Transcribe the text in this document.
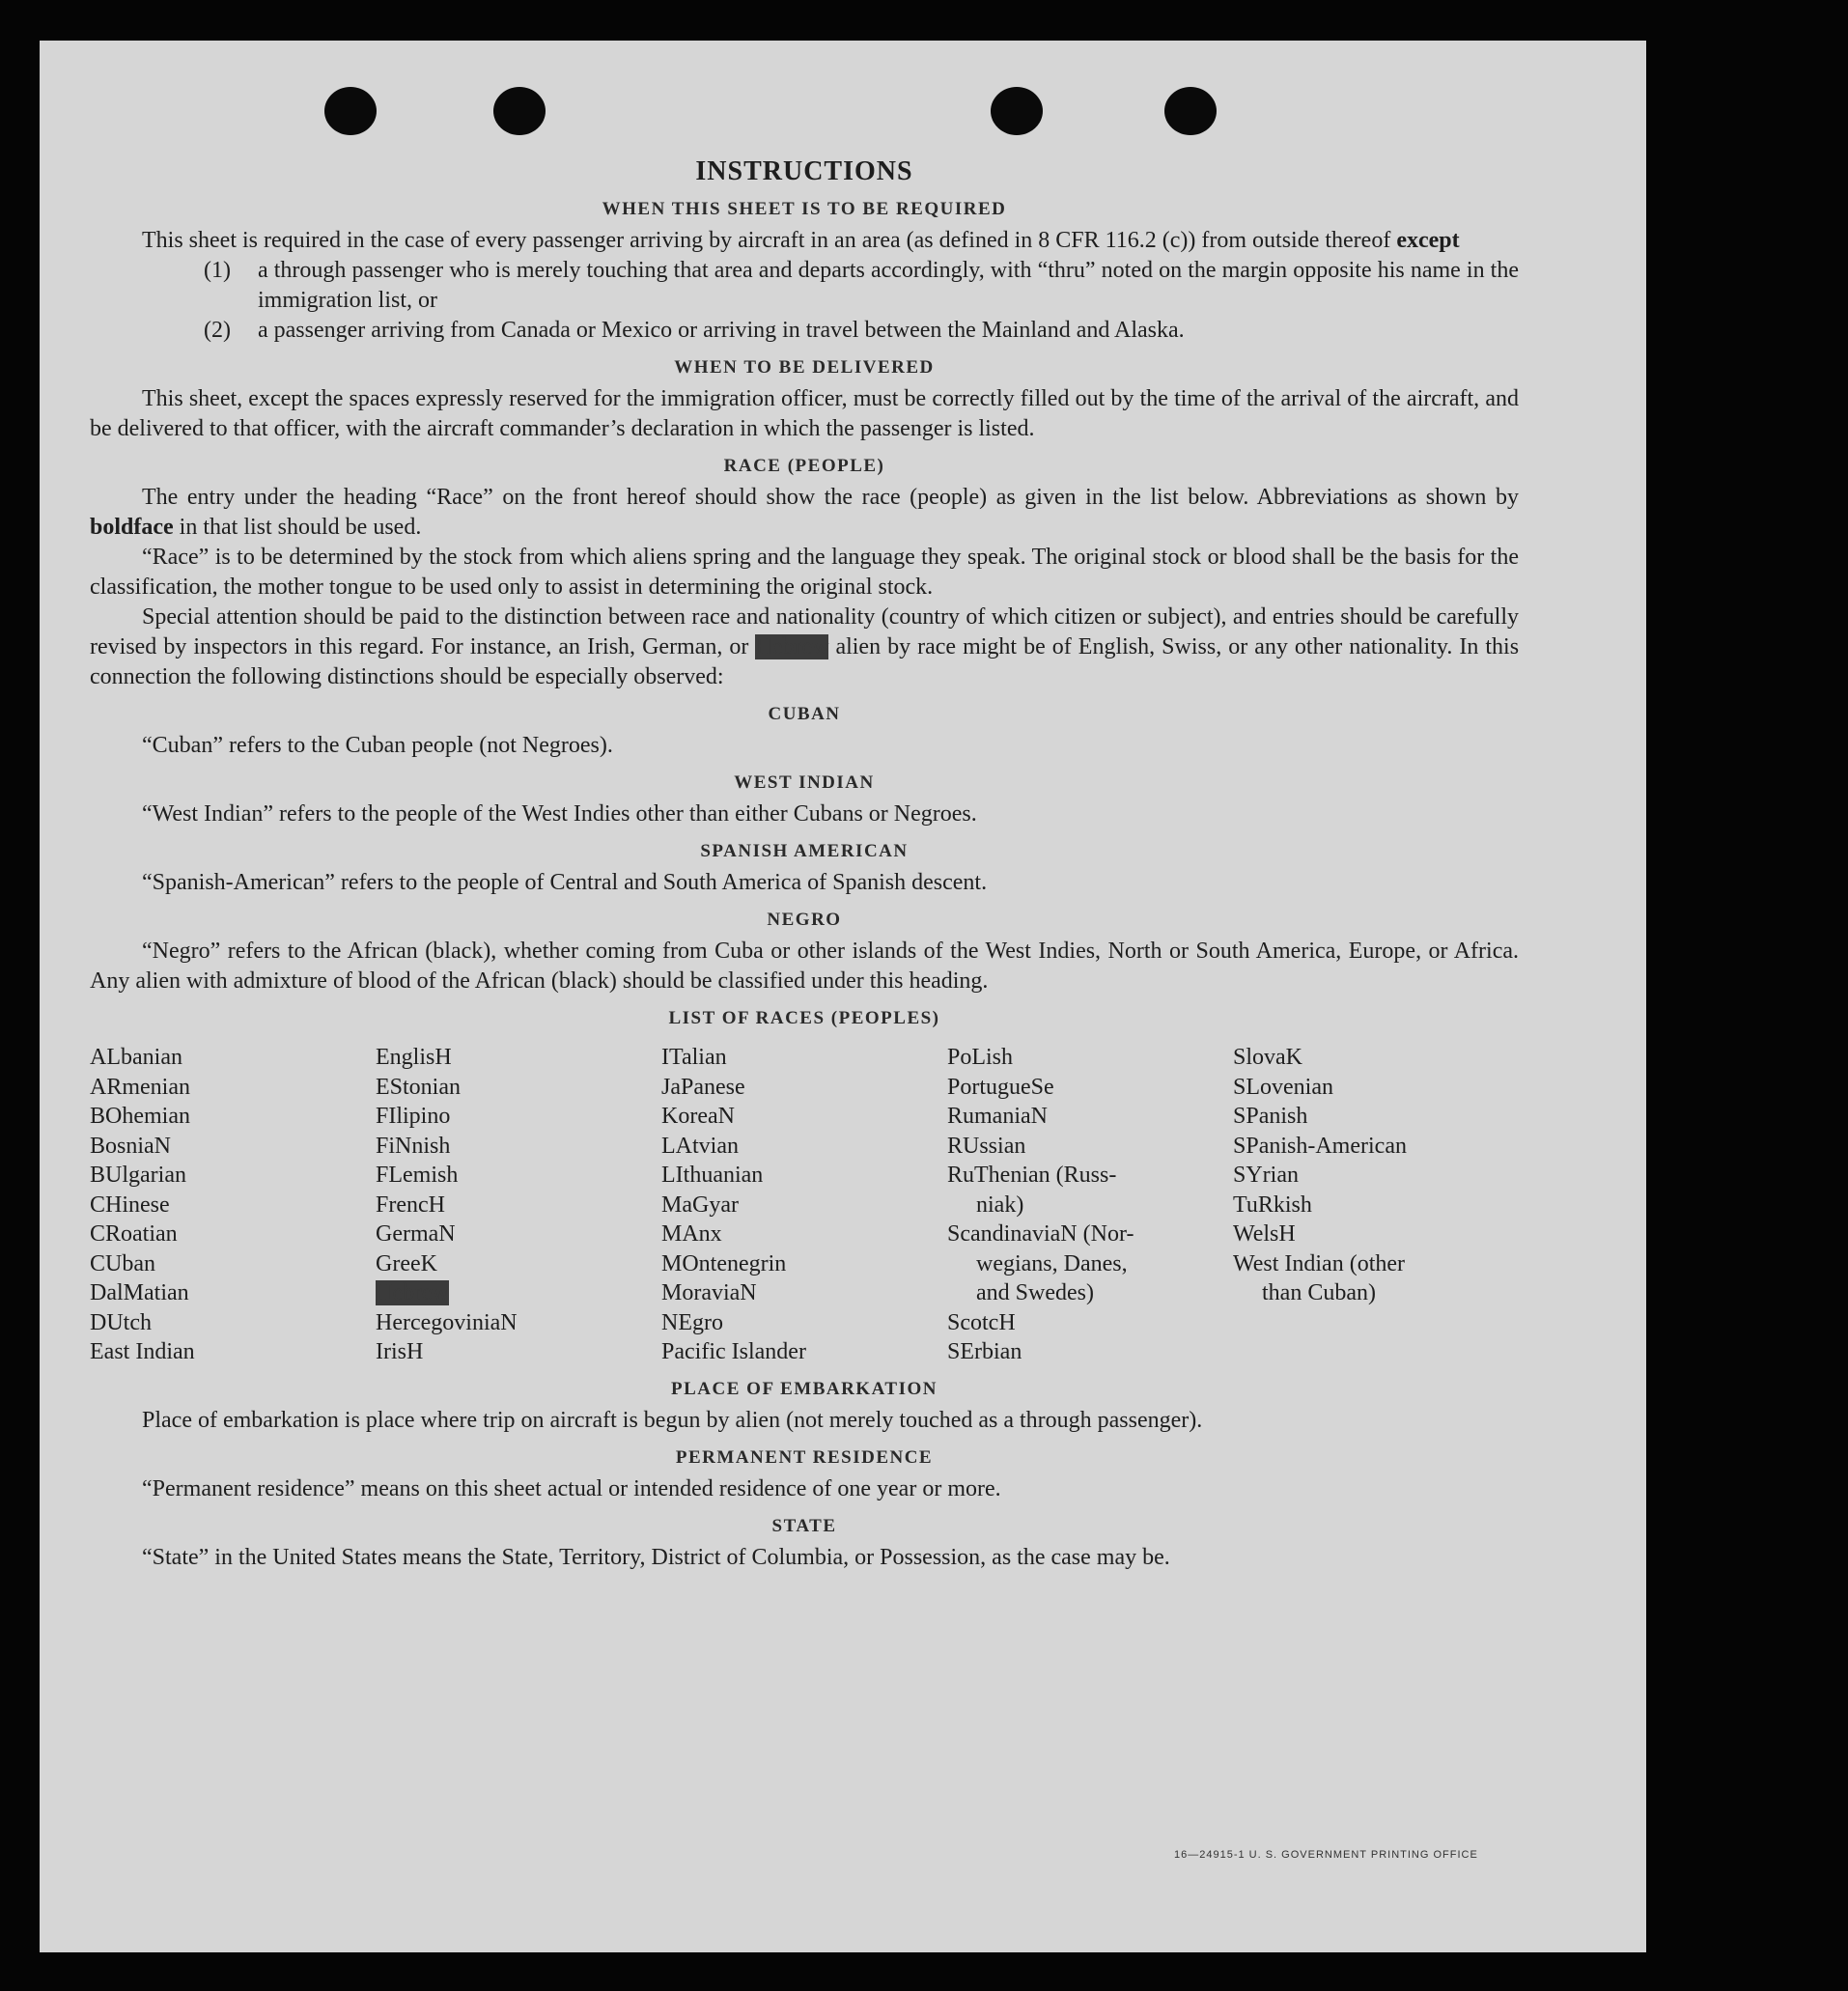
INSTRUCTIONS
WHEN THIS SHEET IS TO BE REQUIRED

This sheet is required in the case of every passenger arriving by aircraft in an area (as defined in 8 CFR 116.2 (c)) from outside thereof except

(1)	a through passenger who is merely touching that area and departs accordingly, with “thru” noted on the margin opposite his name in the immigration list, or
(2)	a passenger arriving from Canada or Mexico or arriving in travel between the Mainland and Alaska.
WHEN TO BE DELIVERED

This sheet, except the spaces expressly reserved for the immigration officer, must be correctly filled out by the time of the arrival of the aircraft, and be delivered to that officer, with the aircraft commander’s declaration in which the passenger is listed.

RACE (PEOPLE)

The entry under the heading “Race” on the front hereof should show the race (people) as given in the list below. Abbreviations as shown by boldface in that list should be used.

“Race” is to be determined by the stock from which aliens spring and the language they speak. The original stock or blood shall be the basis for the classification, the mother tongue to be used only to assist in determining the original stock.

Special attention should be paid to the distinction between race and nationality (country of which citizen or subject), and entries should be carefully revised by inspectors in this regard. For instance, an Irish, German, or Hebrew alien by race might be of English, Swiss, or any other nationality. In this connection the following distinctions should be especially observed:

CUBAN

“Cuban” refers to the Cuban people (not Negroes).

WEST INDIAN

“West Indian” refers to the people of the West Indies other than either Cubans or Negroes.

SPANISH AMERICAN

“Spanish-American” refers to the people of Central and South America of Spanish descent.

NEGRO

“Negro” refers to the African (black), whether coming from Cuba or other islands of the West Indies, North or South America, Europe, or Africa. Any alien with admixture of blood of the African (black) should be classified under this heading.

LIST OF RACES (PEOPLES)
ALbanian
ARmenian
BOhemian
BosniaN
BUlgarian
CHinese
CRoatian
CUban
DalMatian
DUtch
East Indian
EnglisH
EStonian
FIlipino
FiNnish
FLemish
FrencH
GermaN
GreeK
Hebrew
HercegoviniaN
IrisH
ITalian
JaPanese
KoreaN
LAtvian
LIthuanian
MaGyar
MAnx
MOntenegrin
MoraviaN
NEgro
Pacific Islander
PoLish
PortugueSe
RumaniaN
RUssian
RuThenian (Russ-
niak)
ScandinaviaN (Nor-
wegians, Danes,
and Swedes)
ScotcH
SErbian
SlovaK
SLovenian
SPanish
SPanish-American
SYrian
TuRkish
WelsH
West Indian (other
than Cuban)
PLACE OF EMBARKATION

Place of embarkation is place where trip on aircraft is begun by alien (not merely touched as a through passenger).

PERMANENT RESIDENCE

“Permanent residence” means on this sheet actual or intended residence of one year or more.

STATE

“State” in the United States means the State, Territory, District of Columbia, or Possession, as the case may be.

16—24915-1 U. S. GOVERNMENT PRINTING OFFICE
